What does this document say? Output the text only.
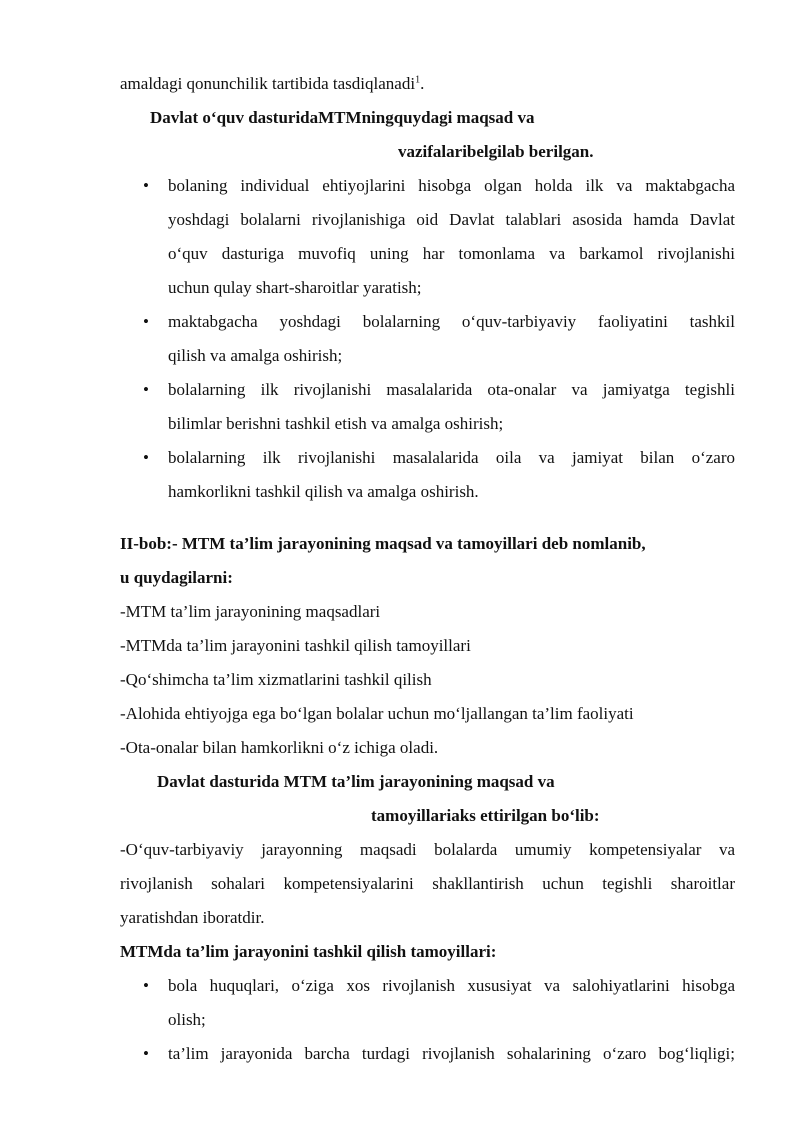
amaldagi qonunchilik tartibida tasdiqlanadi$^1$.
Davlat o‘quv dasturidaMTMningquydagi maqsad va
vazifalaribelgilab berilgan.
• bolaning individual ehtiyojlarini hisobga olgan holda ilk va maktabgacha
yoshdagi bolalarni rivojlanishiga oid Davlat talablari asosida hamda Davlat
o‘quv dasturiga muvofiq uning har tomonlama va barkamol rivojlanishi
uchun qulay shart-sharoitlar yaratish;
• maktabgacha yoshdagi bolalarning o‘quv-tarbiyaviy faoliyatini tashkil
qilish va amalga oshirish;
• bolalarning ilk rivojlanishi masalalarida ota-onalar va jamiyatga tegishli
bilimlar berishni tashkil etish va amalga oshirish;
• bolalarning ilk rivojlanishi masalalarida oila va jamiyat bilan o‘zaro
hamkorlikni tashkil qilish va amalga oshirish.
II-bob:- MTM ta’lim jarayonining maqsad va tamoyillari deb nomlanib,
u quydagilarni:
-MTM ta’lim jarayonining maqsadlari
-MTMda ta’lim jarayonini tashkil qilish tamoyillari
-Qo‘shimcha ta’lim xizmatlarini tashkil qilish
-Alohida ehtiyojga ega bo‘lgan bolalar uchun mo‘ljallangan ta’lim faoliyati
-Ota-onalar bilan hamkorlikni o‘z ichiga oladi.
Davlat dasturida MTM ta’lim jarayonining maqsad va
tamoyillariaks ettirilgan bo‘lib:
-O‘quv-tarbiyaviy jarayonning maqsadi bolalarda umumiy kompetensiyalar va
rivojlanish sohalari kompetensiyalarini shakllantirish uchun tegishli sharoitlar
yaratishdan iboratdir.
MTMda ta’lim jarayonini tashkil qilish tamoyillari:
• bola huquqlari, o‘ziga xos rivojlanish xususiyat va salohiyatlarini hisobga
olish;
• ta’lim jarayonida barcha turdagi rivojlanish sohalarining o‘zaro bog‘liqligi;
